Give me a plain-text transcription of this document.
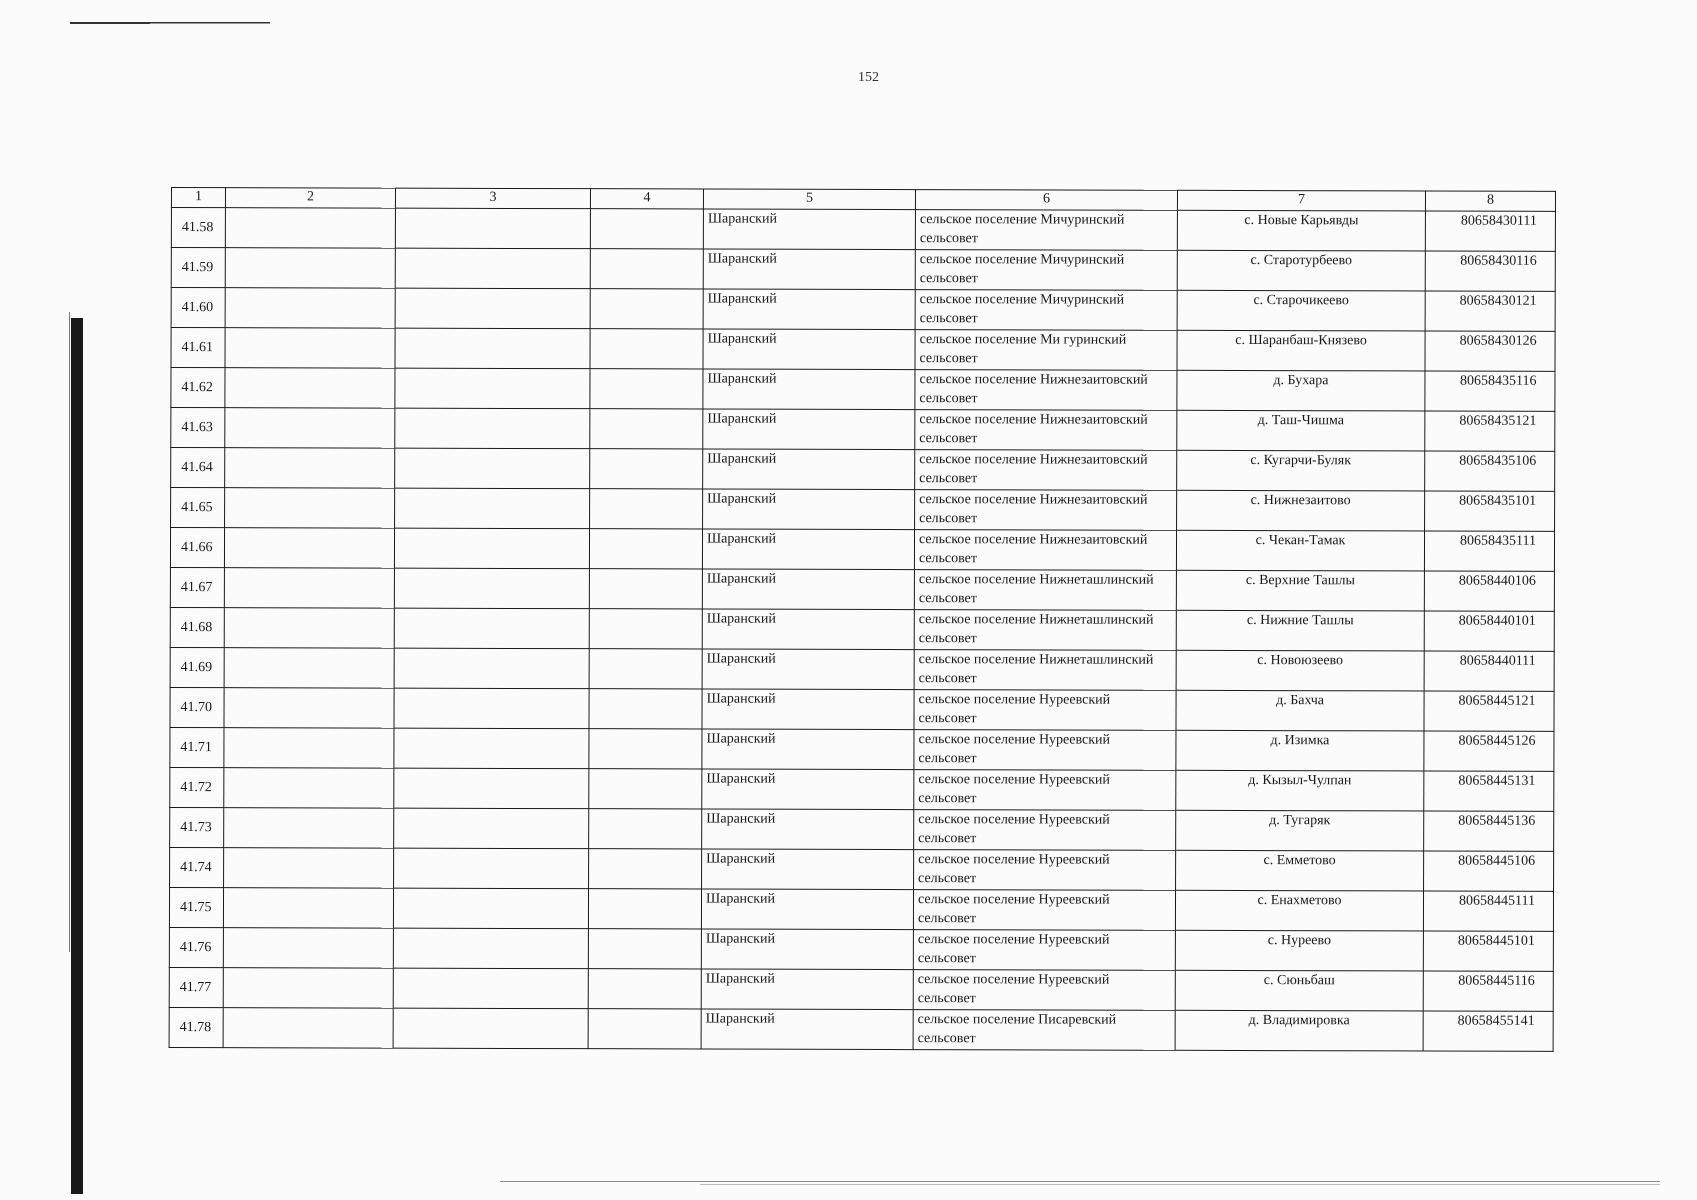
152
1	2	3	4	5	6	7	8
41.58				Шаранский	сельское поселение Мичуринский сельсовет	с. Новые Карьявды	80658430111
41.59				Шаранский	сельское поселение Мичуринский сельсовет	с. Старотурбеево	80658430116
41.60				Шаранский	сельское поселение Мичуринский сельсовет	с. Старочикеево	80658430121
41.61				Шаранский	сельское поселение Ми гуринский сельсовет	с. Шаранбаш-Князево	80658430126
41.62				Шаранский	сельское поселение Нижнезаитовский сельсовет	д. Бухара	80658435116
41.63				Шаранский	сельское поселение Нижнезаитовский сельсовет	д. Таш-Чишма	80658435121
41.64				Шаранский	сельское поселение Нижнезаитовский сельсовет	с. Кугарчи-Буляк	80658435106
41.65				Шаранский	сельское поселение Нижнезаитовский сельсовет	с. Нижнезаитово	80658435101
41.66				Шаранский	сельское поселение Нижнезаитовский сельсовет	с. Чекан-Тамак	80658435111
41.67				Шаранский	сельское поселение Нижнеташлинский сельсовет	с. Верхние Ташлы	80658440106
41.68				Шаранский	сельское поселение Нижнеташлинский сельсовет	с. Нижние Ташлы	80658440101
41.69				Шаранский	сельское поселение Нижнеташлинский сельсовет	с. Новоюзеево	80658440111
41.70				Шаранский	сельское поселение Нуреевский сельсовет	д. Бахча	80658445121
41.71				Шаранский	сельское поселение Нуреевский сельсовет	д. Изимка	80658445126
41.72				Шаранский	сельское поселение Нуреевский сельсовет	д. Кызыл-Чулпан	80658445131
41.73				Шаранский	сельское поселение Нуреевский сельсовет	д. Тугаряк	80658445136
41.74				Шаранский	сельское поселение Нуреевский сельсовет	с. Емметово	80658445106
41.75				Шаранский	сельское поселение Нуреевский сельсовет	с. Енахметово	80658445111
41.76				Шаранский	сельское поселение Нуреевский сельсовет	с. Нуреево	80658445101
41.77				Шаранский	сельское поселение Нуреевский сельсовет	с. Сюньбаш	80658445116
41.78				Шаранский	сельское поселение Писаревский сельсовет	д. Владимировка	80658455141
